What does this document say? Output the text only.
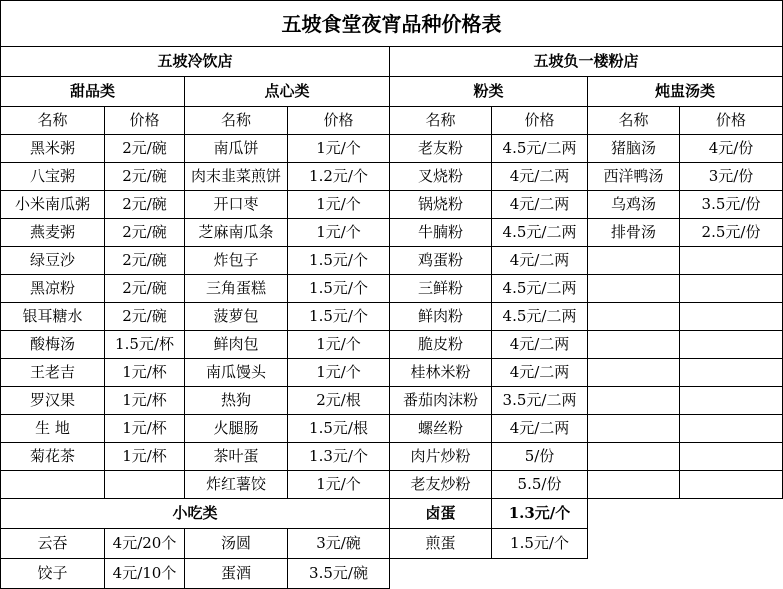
五坡食堂夜宵品种价格表							
五坡冷饮店				五坡负一楼粉店			
甜品类		点心类		粉类		炖盅汤类	
名称	价格	名称	价格	名称	价格	名称	价格
黑米粥	2元/碗	南瓜饼	1元/个	老友粉	4.5元/二两	猪脑汤	4元/份
八宝粥	2元/碗	肉末韭菜煎饼	1.2元/个	叉烧粉	4元/二两	西洋鸭汤	3元/份
小米南瓜粥	2元/碗	开口枣	1元/个	锅烧粉	4元/二两	乌鸡汤	3.5元/份
燕麦粥	2元/碗	芝麻南瓜条	1元/个	牛腩粉	4.5元/二两	排骨汤	2.5元/份
绿豆沙	2元/碗	炸包子	1.5元/个	鸡蛋粉	4元/二两		
黑凉粉	2元/碗	三角蛋糕	1.5元/个	三鲜粉	4.5元/二两		
银耳糖水	2元/碗	菠萝包	1.5元/个	鲜肉粉	4.5元/二两		
酸梅汤	1.5元/杯	鲜肉包	1元/个	脆皮粉	4元/二两		
王老吉	1元/杯	南瓜馒头	1元/个	桂林米粉	4元/二两		
罗汉果	1元/杯	热狗	2元/根	番茄肉沫粉	3.5元/二两		
生 地	1元/杯	火腿肠	1.5元/根	螺丝粉	4元/二两		
菊花茶	1元/杯	茶叶蛋	1.3元/个	肉片炒粉	5/份		
		炸红薯饺	1元/个	老友炒粉	5.5/份		
小吃类				卤蛋	1.3元/个		
云吞	4元/20个	汤圆	3元/碗	煎蛋	1.5元/个		
饺子	4元/10个	蛋酒	3.5元/碗				
